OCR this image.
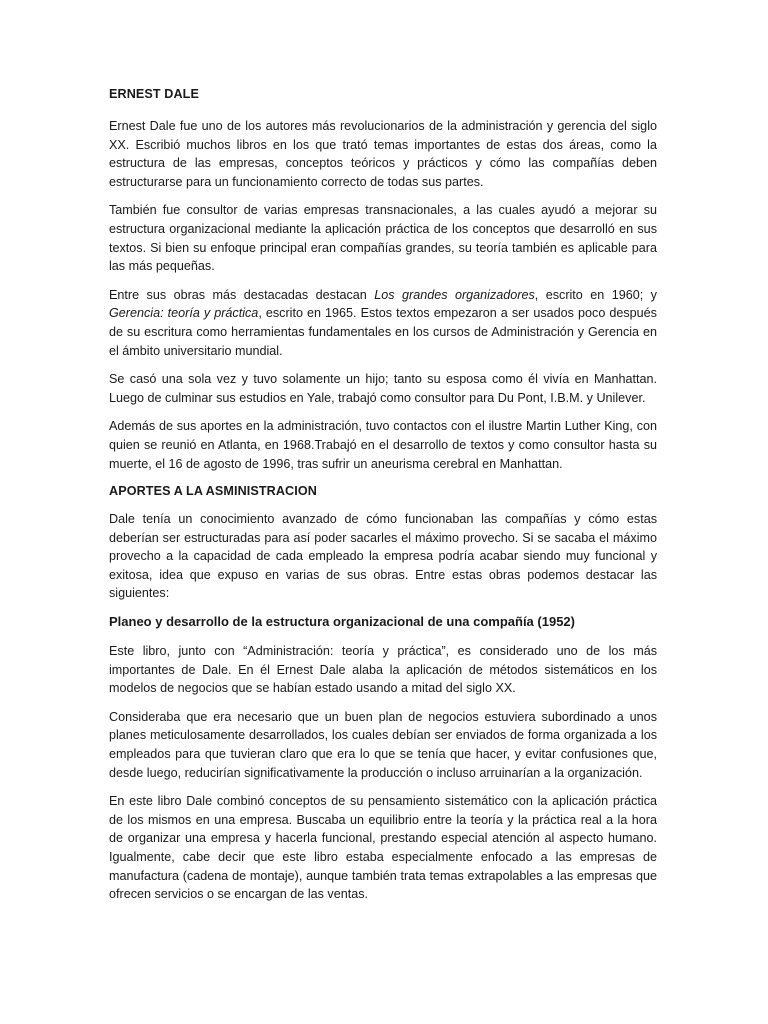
ERNEST DALE

Ernest Dale fue uno de los autores más revolucionarios de la administración y gerencia del siglo XX. Escribió muchos libros en los que trató temas importantes de estas dos áreas, como la estructura de las empresas, conceptos teóricos y prácticos y cómo las compañías deben estructurarse para un funcionamiento correcto de todas sus partes.

También fue consultor de varias empresas transnacionales, a las cuales ayudó a mejorar su estructura organizacional mediante la aplicación práctica de los conceptos que desarrolló en sus textos. Si bien su enfoque principal eran compañías grandes, su teoría también es aplicable para las más pequeñas.

Entre sus obras más destacadas destacan Los grandes organizadores, escrito en 1960; y Gerencia: teoría y práctica, escrito en 1965. Estos textos empezaron a ser usados poco después de su escritura como herramientas fundamentales en los cursos de Administración y Gerencia en el ámbito universitario mundial.

Se casó una sola vez y tuvo solamente un hijo; tanto su esposa como él vivía en Manhattan. Luego de culminar sus estudios en Yale, trabajó como consultor para Du Pont, I.B.M. y Unilever.

Además de sus aportes en la administración, tuvo contactos con el ilustre Martin Luther King, con quien se reunió en Atlanta, en 1968.Trabajó en el desarrollo de textos y como consultor hasta su muerte, el 16 de agosto de 1996, tras sufrir un aneurisma cerebral en Manhattan.

APORTES A LA ASMINISTRACION

Dale tenía un conocimiento avanzado de cómo funcionaban las compañías y cómo estas deberían ser estructuradas para así poder sacarles el máximo provecho. Si se sacaba el máximo provecho a la capacidad de cada empleado la empresa podría acabar siendo muy funcional y exitosa, idea que expuso en varias de sus obras. Entre estas obras podemos destacar las siguientes:

Planeo y desarrollo de la estructura organizacional de una compañía (1952)

Este libro, junto con “Administración: teoría y práctica”, es considerado uno de los más importantes de Dale. En él Ernest Dale alaba la aplicación de métodos sistemáticos en los modelos de negocios que se habían estado usando a mitad del siglo XX.

Consideraba que era necesario que un buen plan de negocios estuviera subordinado a unos planes meticulosamente desarrollados, los cuales debían ser enviados de forma organizada a los empleados para que tuvieran claro que era lo que se tenía que hacer, y evitar confusiones que, desde luego, reducirían significativamente la producción o incluso arruinarían a la organización.

En este libro Dale combinó conceptos de su pensamiento sistemático con la aplicación práctica de los mismos en una empresa. Buscaba un equilibrio entre la teoría y la práctica real a la hora de organizar una empresa y hacerla funcional, prestando especial atención al aspecto humano. Igualmente, cabe decir que este libro estaba especialmente enfocado a las empresas de manufactura (cadena de montaje), aunque también trata temas extrapolables a las empresas que ofrecen servicios o se encargan de las ventas.
